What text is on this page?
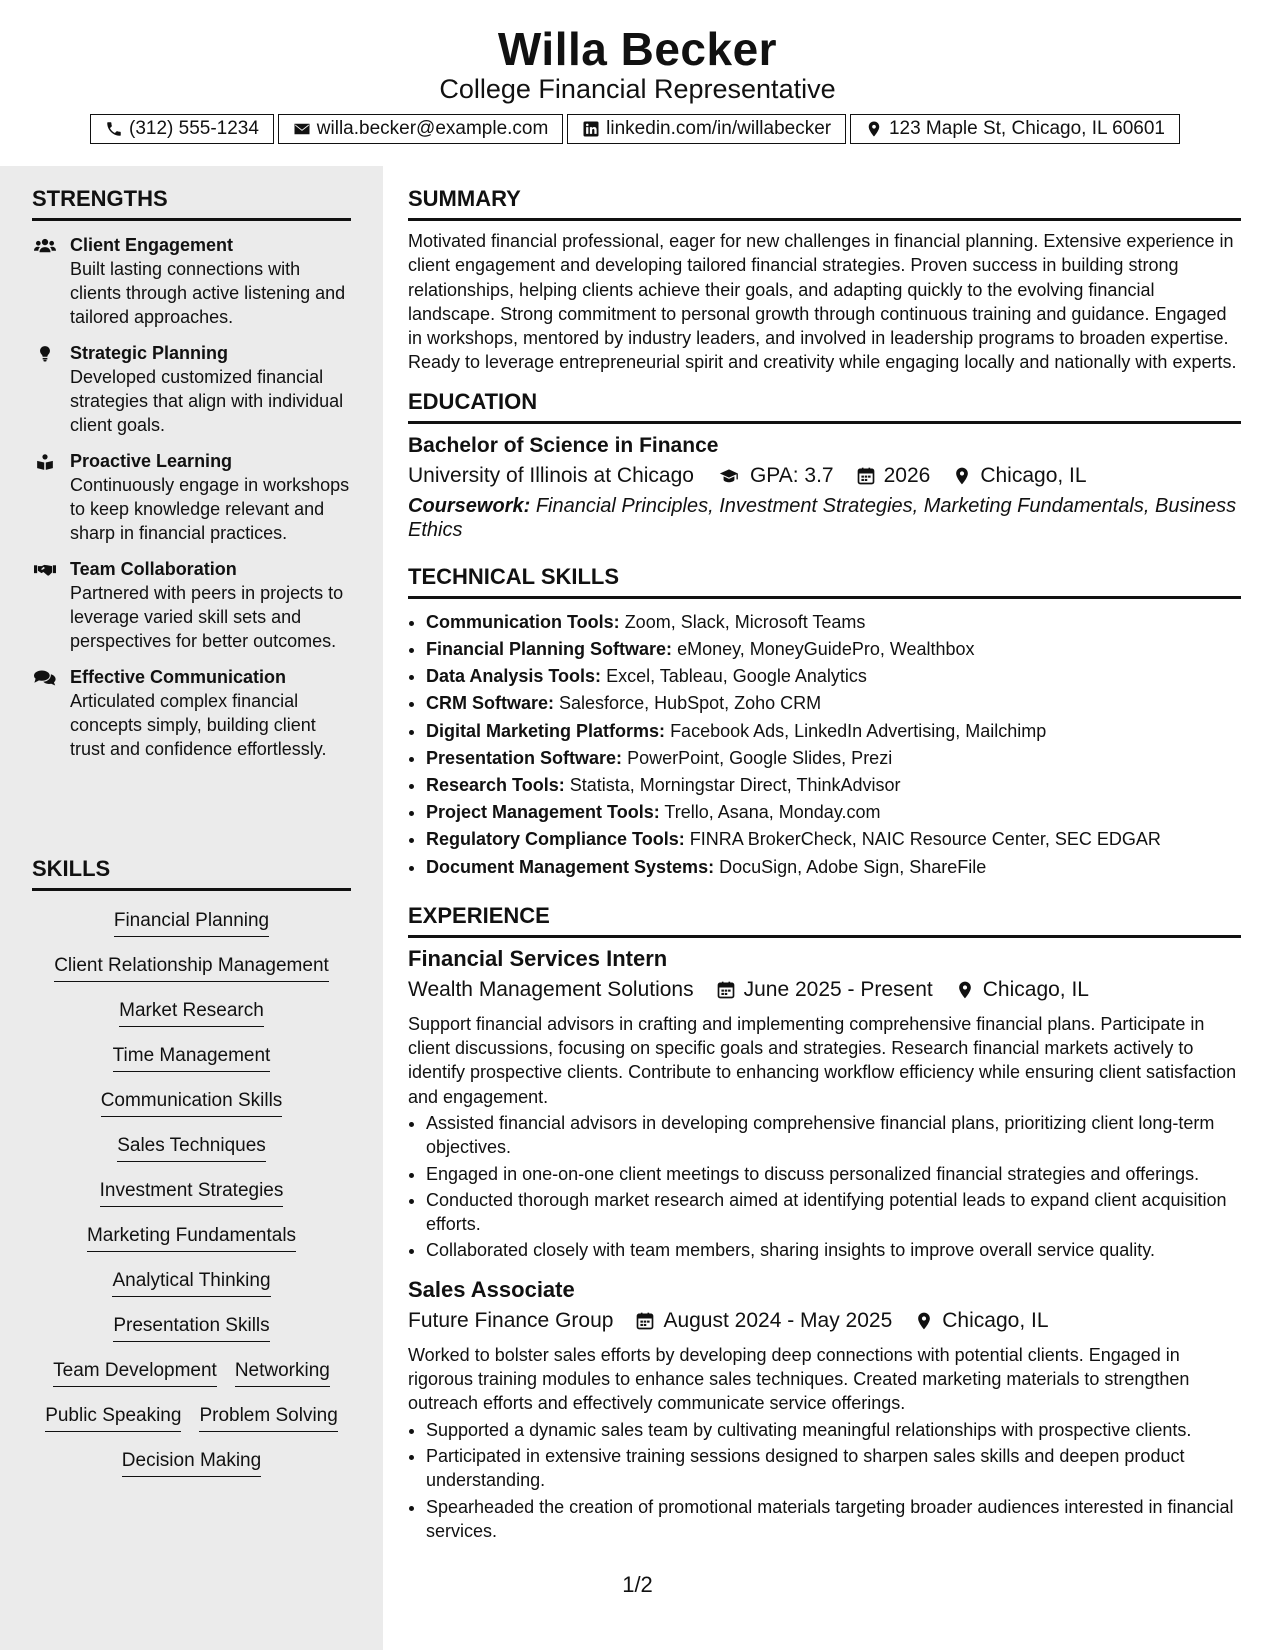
Willa Becker
College Financial Representative
(312) 555-1234	willa.becker@example.com	linkedin.com/in/willabecker	123 Maple St, Chicago, IL 60601
STRENGTHS
Client Engagement
Built lasting connections with clients through active listening and tailored approaches.
Strategic Planning
Developed customized financial strategies that align with individual client goals.
Proactive Learning
Continuously engage in workshops to keep knowledge relevant and sharp in financial practices.
Team Collaboration
Partnered with peers in projects to leverage varied skill sets and perspectives for better outcomes.
Effective Communication
Articulated complex financial concepts simply, building client trust and confidence effortlessly.
SKILLS
Financial Planning
Client Relationship Management
Market Research
Time Management
Communication Skills
Sales Techniques
Investment Strategies
Marketing Fundamentals
Analytical Thinking
Presentation Skills
Team Development Networking
Public Speaking Problem Solving
Decision Making
SUMMARY
Motivated financial professional, eager for new challenges in financial planning. Extensive experience in client engagement and developing tailored financial strategies. Proven success in building strong relationships, helping clients achieve their goals, and adapting quickly to the evolving financial landscape. Strong commitment to personal growth through continuous training and guidance. Engaged in workshops, mentored by industry leaders, and involved in leadership programs to broaden expertise. Ready to leverage entrepreneurial spirit and creativity while engaging locally and nationally with experts.
EDUCATION
Bachelor of Science in Finance
University of Illinois at Chicago	GPA: 3.7 2026 Chicago, IL
Coursework: Financial Principles, Investment Strategies, Marketing Fundamentals, Business Ethics
TECHNICAL SKILLS
• Communication Tools: Zoom, Slack, Microsoft Teams
• Financial Planning Software: eMoney, MoneyGuidePro, Wealthbox
• Data Analysis Tools: Excel, Tableau, Google Analytics
• CRM Software: Salesforce, HubSpot, Zoho CRM
• Digital Marketing Platforms: Facebook Ads, LinkedIn Advertising, Mailchimp
• Presentation Software: PowerPoint, Google Slides, Prezi
• Research Tools: Statista, Morningstar Direct, ThinkAdvisor
• Project Management Tools: Trello, Asana, Monday.com
• Regulatory Compliance Tools: FINRA BrokerCheck, NAIC Resource Center, SEC EDGAR
• Document Management Systems: DocuSign, Adobe Sign, ShareFile
EXPERIENCE
Financial Services Intern
Wealth Management Solutions June 2025 - Present Chicago, IL
Support financial advisors in crafting and implementing comprehensive financial plans. Participate in client discussions, focusing on specific goals and strategies. Research financial markets actively to identify prospective clients. Contribute to enhancing workflow efficiency while ensuring client satisfaction and engagement.
• Assisted financial advisors in developing comprehensive financial plans, prioritizing client long-term objectives.
• Engaged in one-on-one client meetings to discuss personalized financial strategies and offerings.
• Conducted thorough market research aimed at identifying potential leads to expand client acquisition efforts.
• Collaborated closely with team members, sharing insights to improve overall service quality.
Sales Associate
Future Finance Group August 2024 - May 2025 Chicago, IL
Worked to bolster sales efforts by developing deep connections with potential clients. Engaged in rigorous training modules to enhance sales techniques. Created marketing materials to strengthen outreach efforts and effectively communicate service offerings.
• Supported a dynamic sales team by cultivating meaningful relationships with prospective clients.
• Participated in extensive training sessions designed to sharpen sales skills and deepen product understanding.
• Spearheaded the creation of promotional materials targeting broader audiences interested in financial services.
1/2
